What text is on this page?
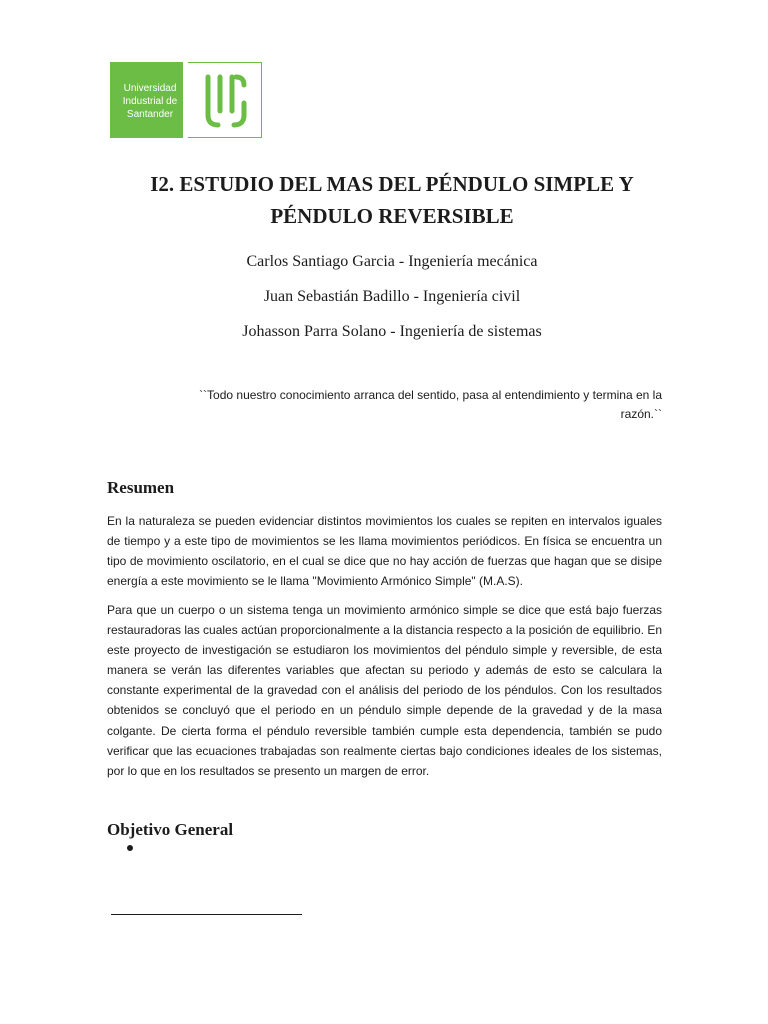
Universidad
Industrial de
Santander
I2. ESTUDIO DEL MAS DEL PÉNDULO SIMPLE Y PÉNDULO REVERSIBLE
Carlos Santiago Garcia - Ingeniería mecánica
Juan Sebastián Badillo - Ingeniería civil
Johasson Parra Solano - Ingeniería de sistemas
``Todo nuestro conocimiento arranca del sentido, pasa al entendimiento y termina en la razón.``
Resumen
En la naturaleza se pueden evidenciar distintos movimientos los cuales se repiten en intervalos iguales de tiempo y a este tipo de movimientos se les llama movimientos periódicos. En física se encuentra un tipo de movimiento oscilatorio, en el cual se dice que no hay acción de fuerzas que hagan que se disipe energía a este movimiento se le llama "Movimiento Armónico Simple" (M.A.S).
Para que un cuerpo o un sistema tenga un movimiento armónico simple se dice que está bajo fuerzas restauradoras las cuales actúan proporcionalmente a la distancia respecto a la posición de equilibrio. En este proyecto de investigación se estudiaron los movimientos del péndulo simple y reversible, de esta manera se verán las diferentes variables que afectan su periodo y además de esto se calculara la constante experimental de la gravedad con el análisis del periodo de los péndulos. Con los resultados obtenidos se concluyó que el periodo en un péndulo simple depende de la gravedad y de la masa colgante. De cierta forma el péndulo reversible también cumple esta dependencia, también se pudo verificar que las ecuaciones trabajadas son realmente ciertas bajo condiciones ideales de los sistemas, por lo que en los resultados se presento un margen de error.
Objetivo General
